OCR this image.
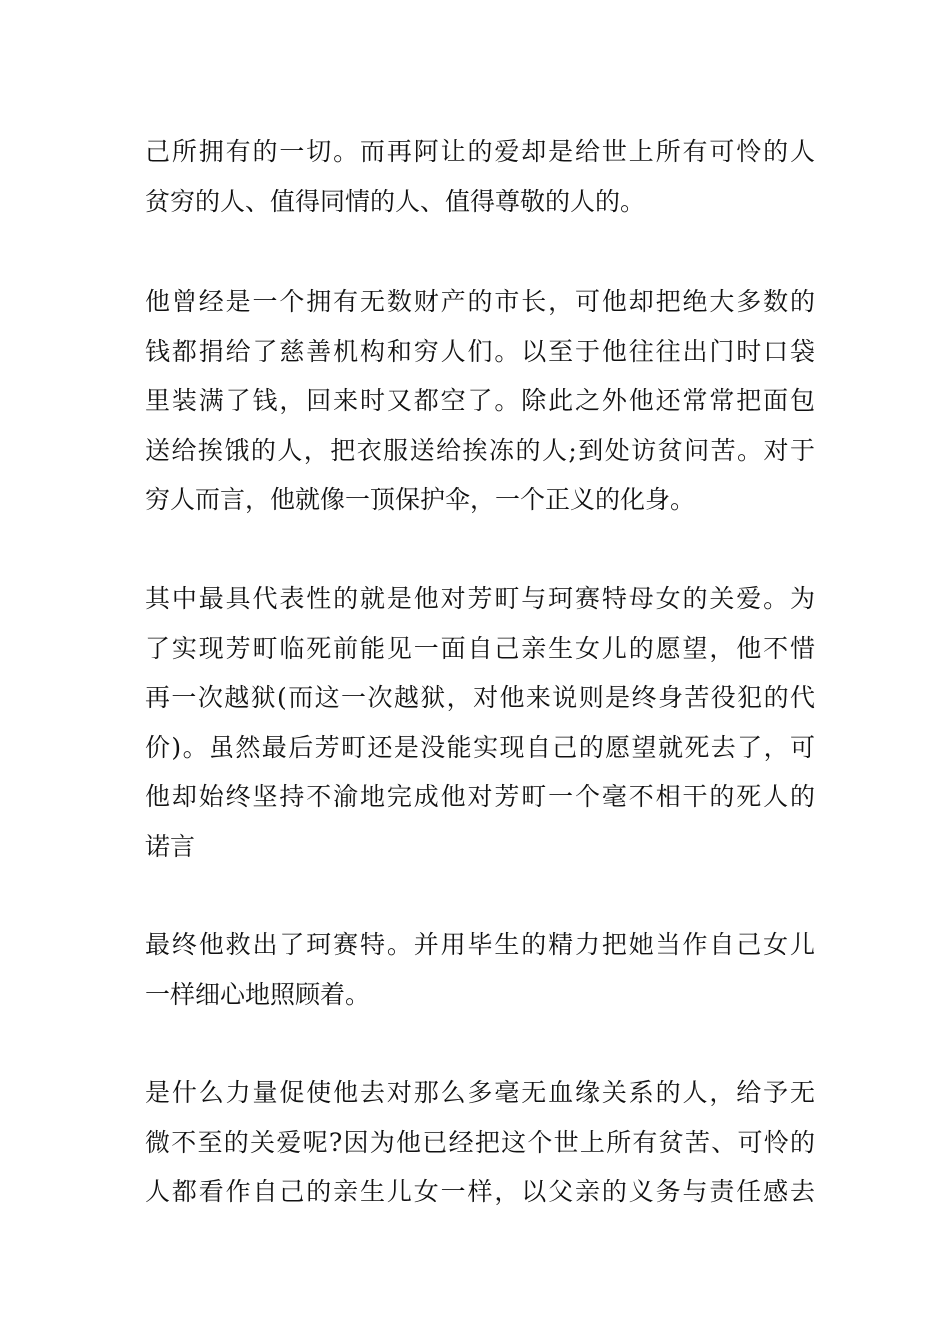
己所拥有的一切。而再阿让的爱却是给世上所有可怜的人
贫穷的人、值得同情的人、值得尊敬的人的。
他曾经是一个拥有无数财产的市长，可他却把绝大多数的
钱都捐给了慈善机构和穷人们。以至于他往往出门时口袋
里装满了钱，回来时又都空了。除此之外他还常常把面包
送给挨饿的人，把衣服送给挨冻的人;到处访贫问苦。对于
穷人而言，他就像一顶保护伞，一个正义的化身。
其中最具代表性的就是他对芳町与珂赛特母女的关爱。为
了实现芳町临死前能见一面自己亲生女儿的愿望，他不惜
再一次越狱(而这一次越狱，对他来说则是终身苦役犯的代
价)。虽然最后芳町还是没能实现自己的愿望就死去了，可
他却始终坚持不渝地完成他对芳町一个毫不相干的死人的
诺言
最终他救出了珂赛特。并用毕生的精力把她当作自己女儿
一样细心地照顾着。
是什么力量促使他去对那么多毫无血缘关系的人，给予无
微不至的关爱呢?因为他已经把这个世上所有贫苦、可怜的
人都看作自己的亲生儿女一样，以父亲的义务与责任感去
